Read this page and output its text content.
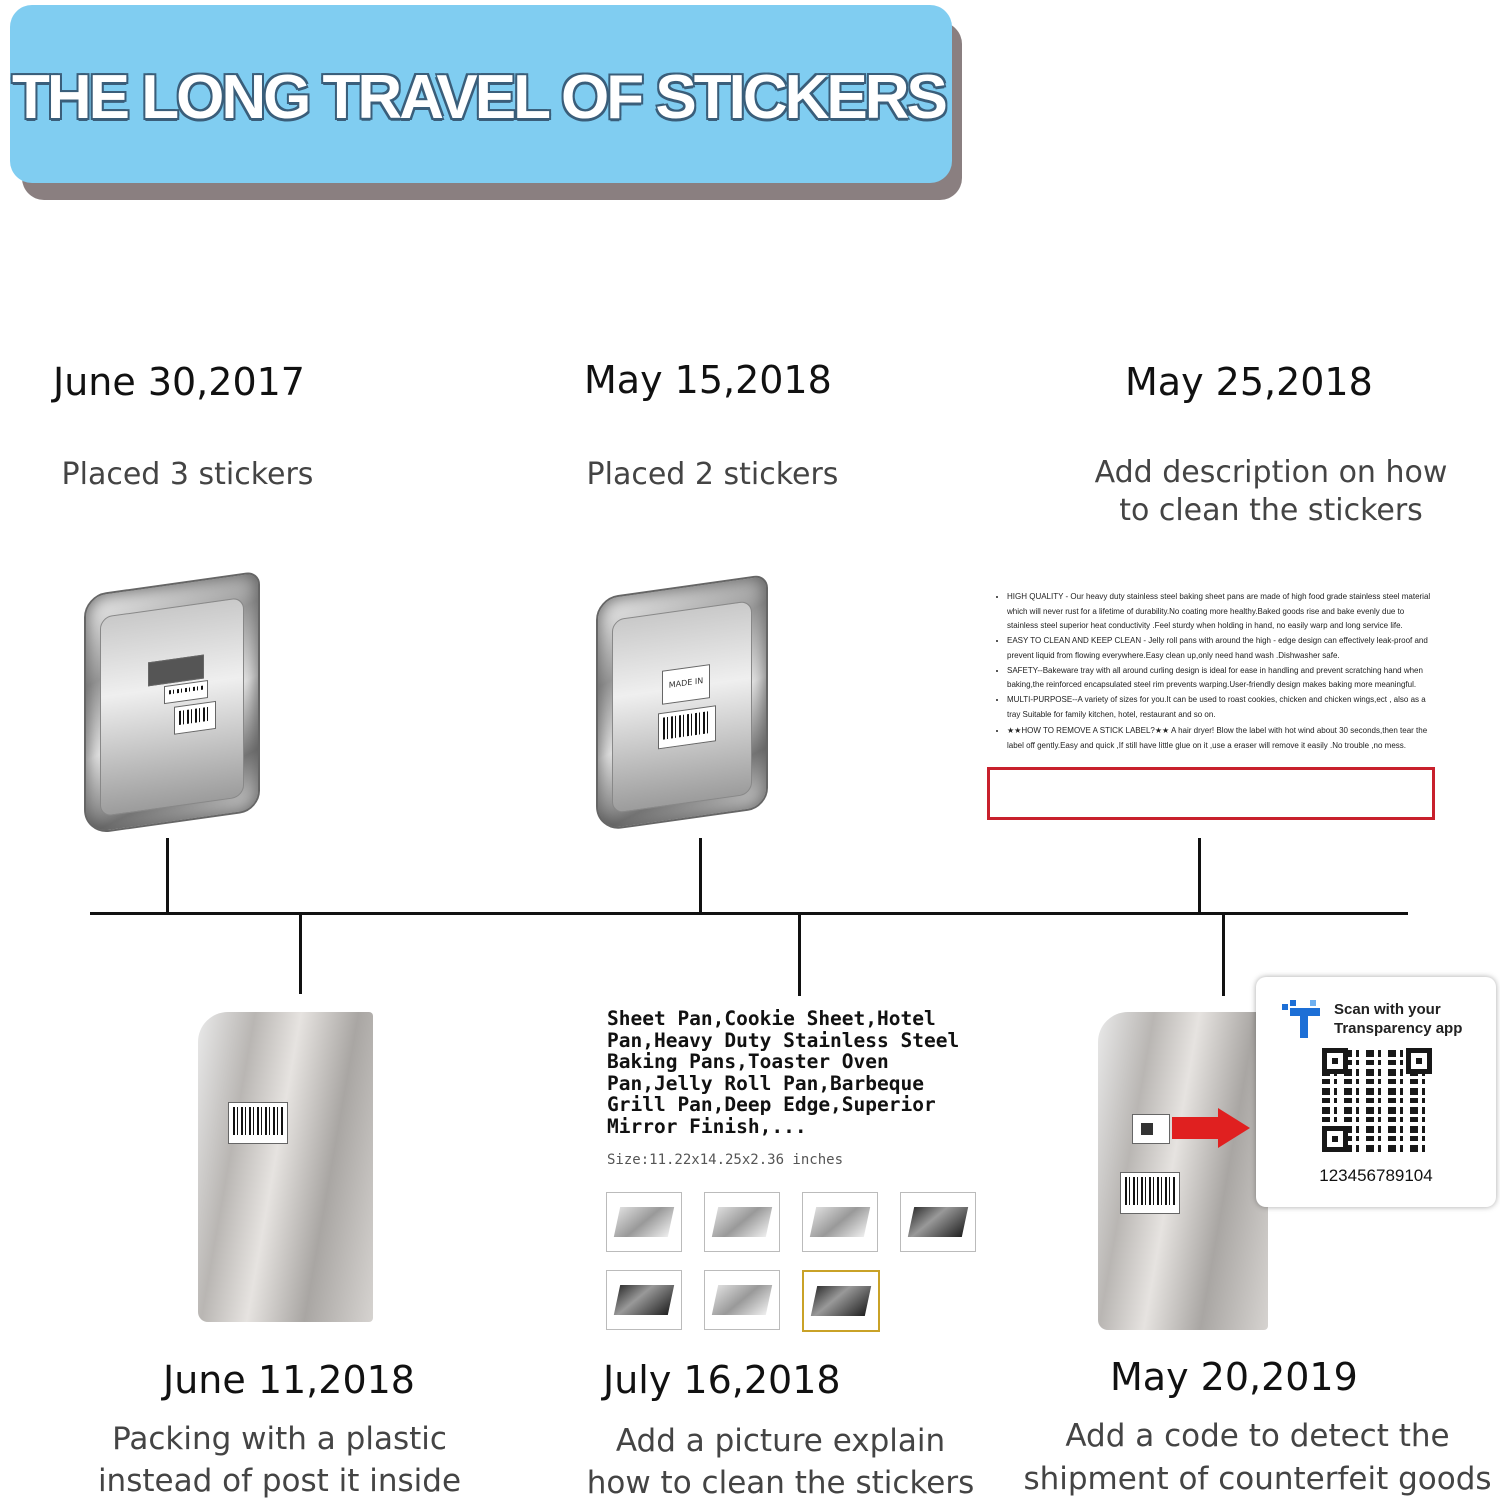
THE LONG TRAVEL OF STICKERS
June 30,2017
Placed 3 stickers
May 15,2018
Placed 2 stickers
May 25,2018
Add description on how to clean the stickers
MADE IN
• HIGH QUALITY - Our heavy duty stainless steel baking sheet pans are made of high food grade stainless steel material which will never rust for a lifetime of durability.No coating more healthy.Baked goods rise and bake evenly due to stainless steel superior heat conductivity .Feel sturdy when holding in hand, no easily warp and long service life.
• EASY TO CLEAN AND KEEP CLEAN - Jelly roll pans with around the high - edge design can effectively leak-proof and prevent liquid from flowing everywhere.Easy clean up,only need hand wash .Dishwasher safe.
• SAFETY--Bakeware tray with all around curling design is ideal for ease in handling and prevent scratching hand when baking,the reinforced encapsulated steel rim prevents warping.User-friendly design makes baking more meaningful.
• MULTI-PURPOSE--A variety of sizes for you.It can be used to roast cookies, chicken and chicken wings,ect , also as a tray Suitable for family kitchen, hotel, restaurant and so on.
• ★★HOW TO REMOVE A STICK LABEL?★★ A hair dryer! Blow the label with hot wind about 30 seconds,then tear the label off gently.Easy and quick ,If still have little glue on it ,use a eraser will remove it easily .No trouble ,no mess.
Sheet Pan,Cookie Sheet,Hotel Pan,Heavy Duty Stainless Steel Baking Pans,Toaster Oven Pan,Jelly Roll Pan,Barbeque Grill Pan,Deep Edge,Superior Mirror Finish,...
Size:11.22x14.25x2.36 inches
Scan with your
Transparency app
123456789104
June 11,2018
Packing with a plastic instead of post it inside
July 16,2018
Add a picture explain how to clean the stickers
May 20,2019
Add a code to detect the shipment of counterfeit goods
